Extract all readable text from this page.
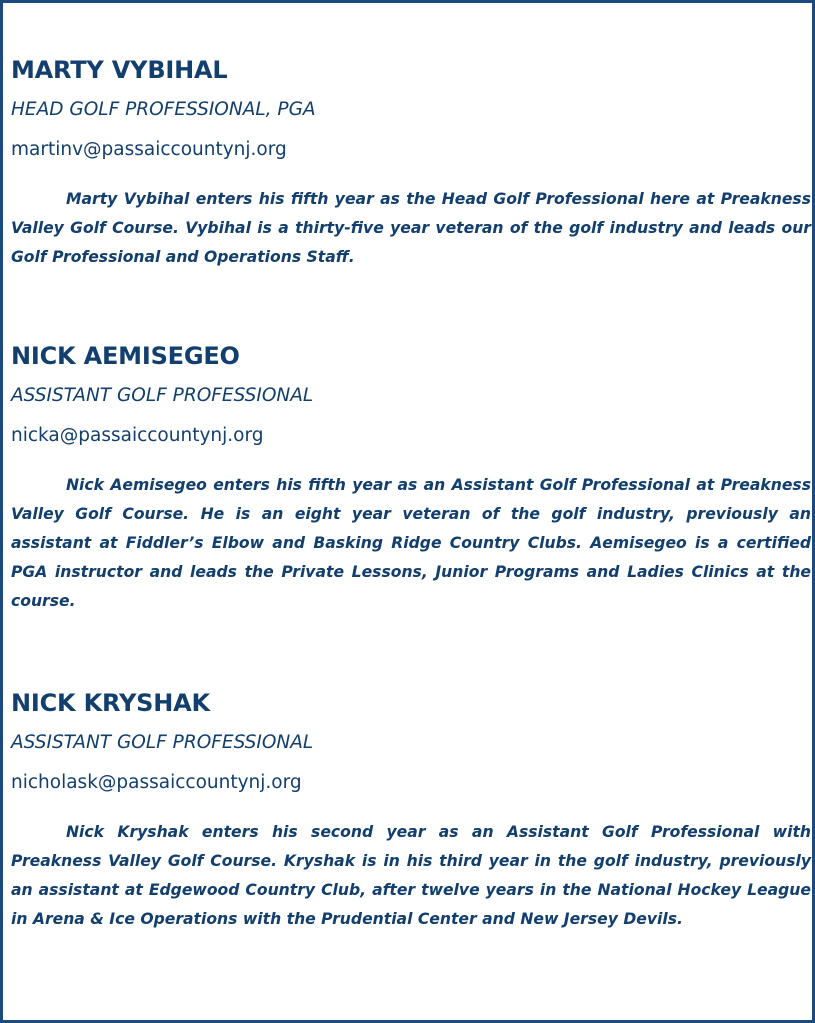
MARTY VYBIHAL
HEAD GOLF PROFESSIONAL, PGA
martinv@passaiccountynj.org

Marty Vybihal enters his fifth year as the Head Golf Professional here at Preakness Valley Golf Course. Vybihal is a thirty-five year veteran of the golf industry and leads our Golf Professional and Operations Staff.

NICK AEMISEGEO
ASSISTANT GOLF PROFESSIONAL
nicka@passaiccountynj.org

Nick Aemisegeo enters his fifth year as an Assistant Golf Professional at Preakness Valley Golf Course. He is an eight year veteran of the golf industry, previously an assistant at Fiddler’s Elbow and Basking Ridge Country Clubs. Aemisegeo is a certified PGA instructor and leads the Private Lessons, Junior Programs and Ladies Clinics at the course.

NICK KRYSHAK
ASSISTANT GOLF PROFESSIONAL
nicholask@passaiccountynj.org

Nick Kryshak enters his second year as an Assistant Golf Professional with Preakness Valley Golf Course. Kryshak is in his third year in the golf industry, previously an assistant at Edgewood Country Club, after twelve years in the National Hockey League in Arena & Ice Operations with the Prudential Center and New Jersey Devils.
